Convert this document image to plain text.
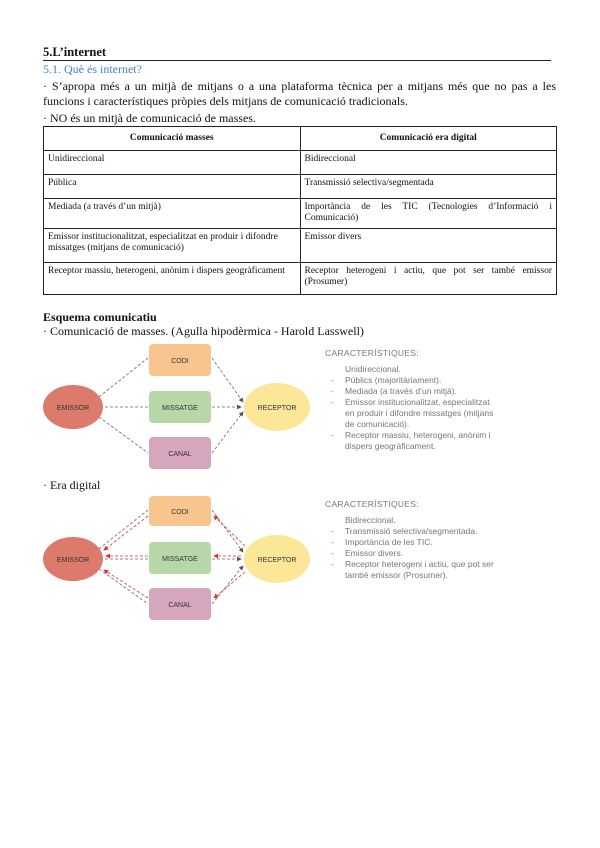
5.L’internet
5.1. Què és internet?
· S’apropa més a un mitjà de mitjans o a una plataforma tècnica per a mitjans més que no pas a les funcions i característiques pròpies dels mitjans de comunicació tradicionals.
· NO és un mitjà de comunicació de masses.
Comunicació masses	Comunicació era digital
Unidireccional	Bidireccional
Pública	Transmissió selectiva/segmentada
Mediada (a través d’un mitjà)	Importància de les TIC (Tecnologies d’Informació i Comunicació)
Emissor institucionalitzat, especialitzat en produir i difondre missatges (mitjans de comunicació)	Emissor divers
Receptor massiu, heterogeni, anònim i dispers geogràficament	Receptor heterogeni i actiu, que pot ser també emissor (Prosumer)
Esquema comunicatiu
· Comunicació de masses. (Agulla hipodèrmica - Harold Lasswell)
EMISSOR
CODI
MISSATGE
CANAL
RECEPTOR
CARACTERÍSTIQUES:
Unidireccional.
- Públics (majoritàriament).
- Mediada (a través d’un mitjà).
- Emissor institucionalitzat, especialitzat en produir i difondre missatges (mitjans de comunicació).
- Receptor massiu, heterogeni, anònim i dispers geogràficament.
· Era digital
EMISSOR
CODI
MISSATGE
CANAL
RECEPTOR
CARACTERÍSTIQUES:
Bidireccional.
- Transmissió selectiva/segmentada.
- Importància de les TIC.
- Emissor divers.
- Receptor heterogeni i actiu, que pot ser també emissor (Prosumer).
